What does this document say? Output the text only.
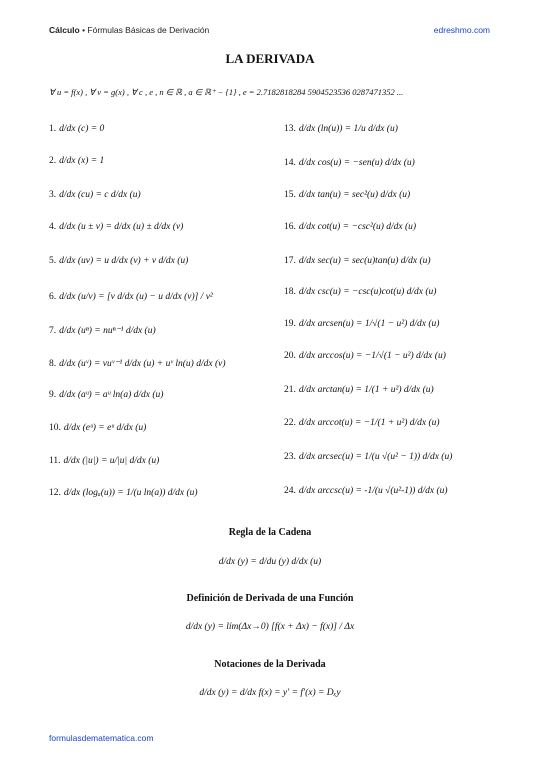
Cálculo • Fórmulas Básicas de Derivación	edreshmo.com
LA DERIVADA
∀ u = f(x) , ∀ v = g(x) , ∀ c , e , n ∈ ℝ , a ∈ ℝ⁺ − {1} , e = 2.7182818284 5904523536 0287471352 ...
1. d/dx (c) = 0
2. d/dx (x) = 1
3. d/dx (cu) = c d/dx (u)
4. d/dx (u ± v) = d/dx (u) ± d/dx (v)
5. d/dx (uv) = u d/dx (v) + v d/dx (u)
6. d/dx (u/v) = [v d/dx (u) − u d/dx (v)] / v²
7. d/dx (uⁿ) = nuⁿ⁻¹ d/dx (u)
8. d/dx (uᵛ) = vuᵛ⁻¹ d/dx (u) + uᵛ ln(u) d/dx (v)
9. d/dx (aᵘ) = aᵘ ln(a) d/dx (u)
10. d/dx (eᵘ) = eᵘ d/dx (u)
11. d/dx (|u|) = u/|u| d/dx (u)
12. d/dx (logₐ(u)) = 1/(u ln(a)) d/dx (u)
13. d/dx (ln(u)) = 1/u d/dx (u)
14. d/dx cos(u) = −sen(u) d/dx (u)
15. d/dx tan(u) = sec²(u) d/dx (u)
16. d/dx cot(u) = −csc²(u) d/dx (u)
17. d/dx sec(u) = sec(u)tan(u) d/dx (u)
18. d/dx csc(u) = −csc(u)cot(u) d/dx (u)
19. d/dx arcsen(u) = 1/√(1 − u²) d/dx (u)
20. d/dx arccos(u) = −1/√(1 − u²) d/dx (u)
21. d/dx arctan(u) = 1/(1 + u²) d/dx (u)
22. d/dx arccot(u) = −1/(1 + u²) d/dx (u)
23. d/dx arcsec(u) = 1/(u √(u² − 1)) d/dx (u)
24. d/dx arccsc(u) = -1/(u √(u²-1)) d/dx (u)
Regla de la Cadena
d/dx (y) = d/du (y) d/dx (u)
Definición de Derivada de una Función
d/dx (y) = lím(Δx→0) [f(x + Δx) − f(x)] / Δx
Notaciones de la Derivada
d/dx (y) = d/dx f(x) = y′ = f′(x) = Dₓy
formulasdematematica.com
